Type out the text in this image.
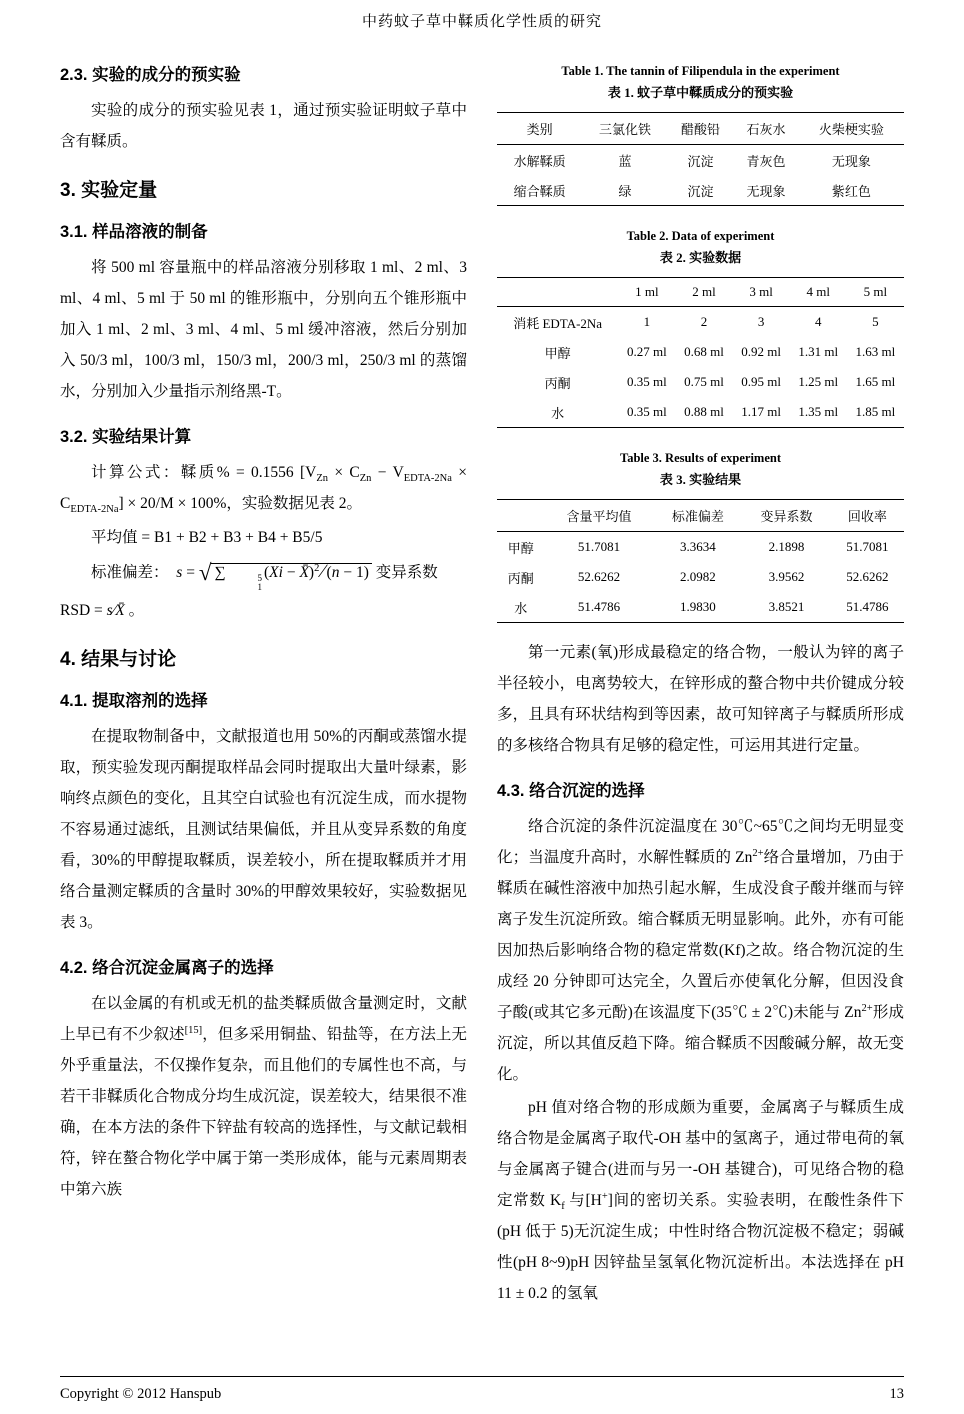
中药蚊子草中鞣质化学性质的研究
2.3. 实验的成分的预实验

实验的成分的预实验见表 1，通过预实验证明蚊子草中含有鞣质。

3. 实验定量
3.1. 样品溶液的制备

将 500 ml 容量瓶中的样品溶液分别移取 1 ml、2 ml、3 ml、4 ml、5 ml 于 50 ml 的锥形瓶中，分别向五个锥形瓶中加入 1 ml、2 ml、3 ml、4 ml、5 ml 缓冲溶液，然后分别加入 50/3 ml，100/3 ml，150/3 ml，200/3 ml，250/3 ml 的蒸馏水，分别加入少量指示剂络黑-T。

3.2. 实验结果计算

计算公式：鞣质% = 0.1556 $[V_{Zn} \times C_{Zn} - V_{EDTA-2Na} \times C_{EDTA-2Na}] \times 20/M \times 100\%$，实验数据见表 2。

平均值 = B1 + B2 + B3 + B4 + B5/5

标准偏差：  s = √ ∑	5
1
(Xi − X̄)$^2$ ∕ (n − 1) 变异系数

RSD = s∕X̄ 。

4. 结果与讨论
4.1. 提取溶剂的选择

在提取物制备中，文献报道也用 50%的丙酮或蒸馏水提取，预实验发现丙酮提取样品会同时提取出大量叶绿素，影响终点颜色的变化，且其空白试验也有沉淀生成，而水提物不容易通过滤纸，且测试结果偏低，并且从变异系数的角度看，30%的甲醇提取鞣质，误差较小，所在提取鞣质并才用络合量测定鞣质的含量时 30%的甲醇效果较好，实验数据见表 3。

4.2. 络合沉淀金属离子的选择

在以金属的有机或无机的盐类鞣质做含量测定时，文献上早已有不少叙述[15]，但多采用铜盐、铅盐等，在方法上无外乎重量法，不仅操作复杂，而且他们的专属性也不高，与若干非鞣质化合物成分均生成沉淀，误差较大，结果很不准确，在本方法的条件下锌盐有较高的选择性，与文献记载相符，锌在螯合物化学中属于第一类形成体，能与元素周期表中第六族

Table 1. The tannin of Filipendula in the experiment
表 1. 蚊子草中鞣质成分的预实验
类别	三氯化铁	醋酸铅	石灰水	火柴梗实验
水解鞣质	蓝	沉淀	青灰色	无现象
缩合鞣质	绿	沉淀	无现象	紫红色
Table 2. Data of experiment
表 2. 实验数据
	1 ml	2 ml	3 ml	4 ml	5 ml
消耗 EDTA-2Na	1	2	3	4	5
甲醇	0.27 ml	0.68 ml	0.92 ml	1.31 ml	1.63 ml
丙酮	0.35 ml	0.75 ml	0.95 ml	1.25 ml	1.65 ml
水	0.35 ml	0.88 ml	1.17 ml	1.35 ml	1.85 ml
Table 3. Results of experiment
表 3. 实验结果
	含量平均值	标准偏差	变异系数	回收率
甲醇	51.7081	3.3634	2.1898	51.7081
丙酮	52.6262	2.0982	3.9562	52.6262
水	51.4786	1.9830	3.8521	51.4786

第一元素(氧)形成最稳定的络合物，一般认为锌的离子半径较小，电离势较大，在锌形成的螯合物中共价键成分较多，且具有环状结构到等因素，故可知锌离子与鞣质所形成的多核络合物具有足够的稳定性，可运用其进行定量。

4.3. 络合沉淀的选择

络合沉淀的条件沉淀温度在 30℃~65℃之间均无明显变化；当温度升高时，水解性鞣质的 $Zn^{2+}$络合量增加，乃由于鞣质在碱性溶液中加热引起水解，生成没食子酸并继而与锌离子发生沉淀所致。缩合鞣质无明显影响。此外，亦有可能因加热后影响络合物的稳定常数(Kf)之故。络合物沉淀的生成经 20 分钟即可达完全，久置后亦使氧化分解，但因没食子酸(或其它多元酚)在该温度下(35℃ ± 2℃)未能与 $Zn^{2+}$形成沉淀，所以其值反趋下降。缩合鞣质不因酸碱分解，故无变化。

pH 值对络合物的形成颇为重要，金属离子与鞣质生成络合物是金属离子取代-OH 基中的氢离子，通过带电荷的氧与金属离子键合(进而与另一-OH 基键合)，可见络合物的稳定常数 $K_f$ 与[H+]间的密切关系。实验表明，在酸性条件下(pH 低于 5)无沉淀生成；中性时络合物沉淀极不稳定；弱碱性(pH 8~9)pH 因锌盐呈氢氧化物沉淀析出。本法选择在 pH 11 ± 0.2 的氢氧

Copyright © 2012 Hanspub	13
